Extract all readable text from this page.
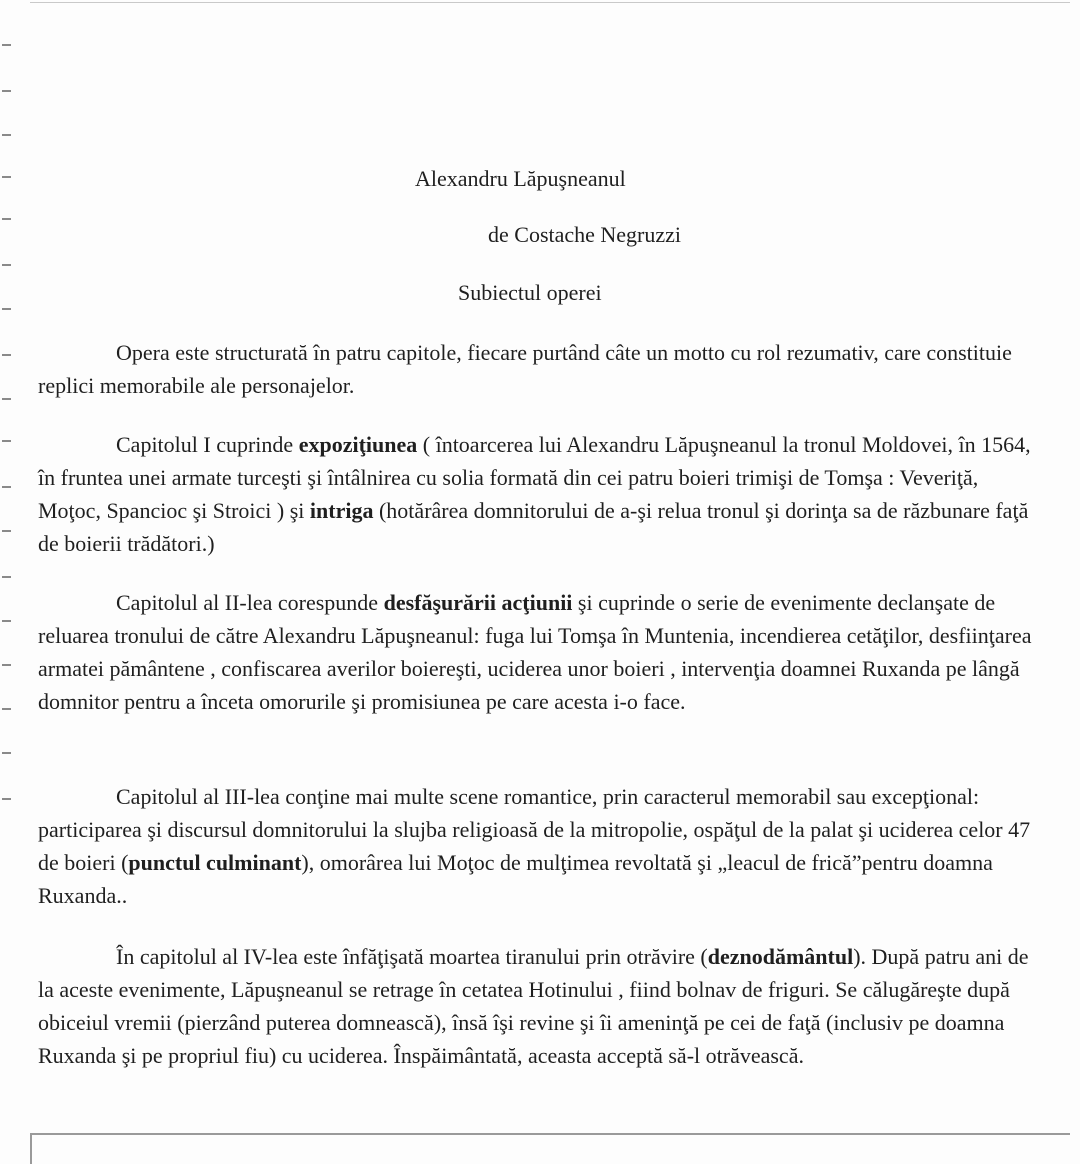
Alexandru Lăpuşneanul
de Costache Negruzzi
Subiectul operei

Opera este structurată în patru capitole, fiecare purtând câte un motto cu rol rezumativ, care constituie replici memorabile ale personajelor.

Capitolul I cuprinde expoziţiunea ( întoarcerea lui Alexandru Lăpuşneanul la tronul Moldovei, în 1564, în fruntea unei armate turceşti şi întâlnirea cu solia formată din cei patru boieri trimişi de Tomşa : Veveriţă, Moţoc, Spancioc şi Stroici ) şi intriga (hotărârea domnitorului de a-şi relua tronul şi dorinţa sa de răzbunare faţă de boierii trădători.)

Capitolul al II-lea corespunde desfăşurării acţiunii şi cuprinde o serie de evenimente declanşate de reluarea tronului de către Alexandru Lăpuşneanul: fuga lui Tomşa în Muntenia, incendierea cetăţilor, desfiinţarea armatei pământene , confiscarea averilor boiereşti, uciderea unor boieri , intervenţia doamnei Ruxanda pe lângă domnitor pentru a înceta omorurile şi promisiunea pe care acesta i-o face.

Capitolul al III-lea conţine mai multe scene romantice, prin caracterul memorabil sau excepţional: participarea şi discursul domnitorului la slujba religioasă de la mitropolie, ospăţul de la palat şi uciderea celor 47 de boieri (punctul culminant), omorârea lui Moţoc de mulţimea revoltată şi „leacul de frică”pentru doamna Ruxanda..

În capitolul al IV-lea este înfăţişată moartea tiranului prin otrăvire (deznodământul). După patru ani de la aceste evenimente, Lăpuşneanul se retrage în cetatea Hotinului , fiind bolnav de friguri. Se călugăreşte după obiceiul vremii (pierzând puterea domnească), însă îşi revine şi îi ameninţă pe cei de faţă (inclusiv pe doamna Ruxanda şi pe propriul fiu) cu uciderea. Înspăimântată, aceasta acceptă să-l otrăvească.
